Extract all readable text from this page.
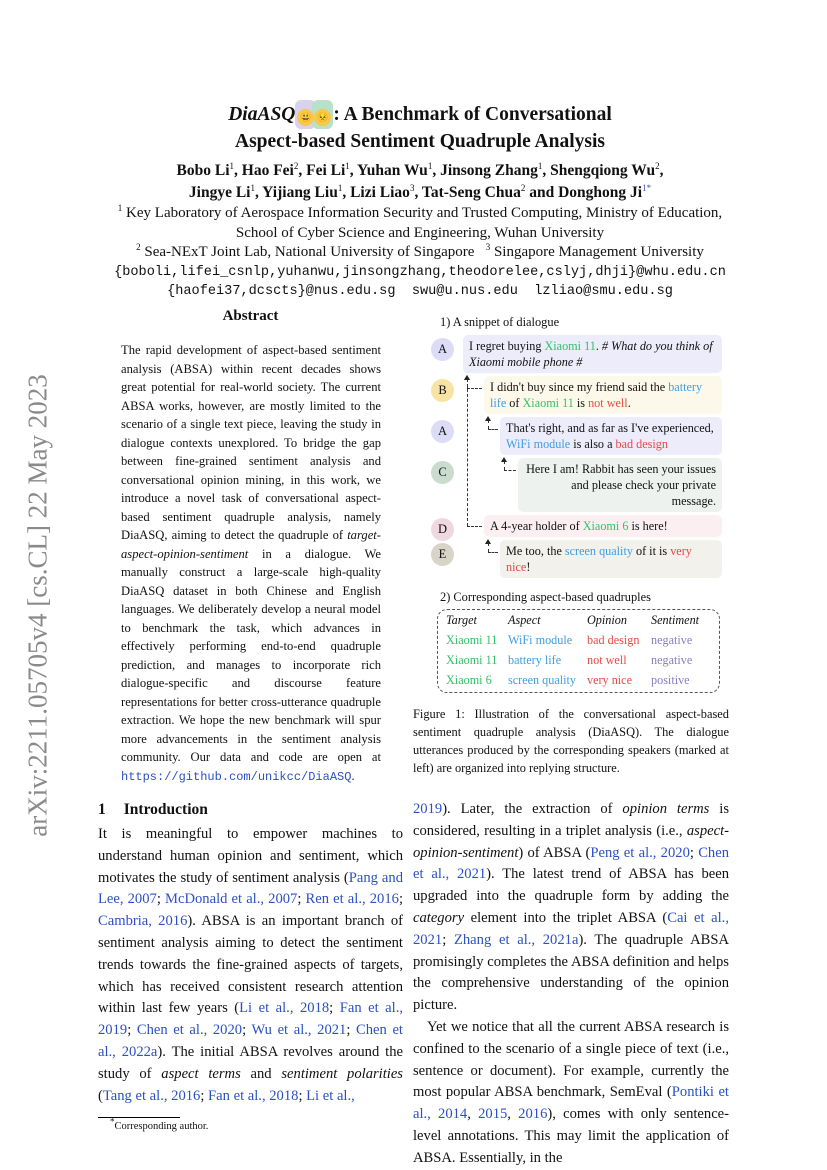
arXiv:2211.05705v4 [cs.CL] 22 May 2023
DiaASQ 😃 😣 : A Benchmark of Conversational
Aspect-based Sentiment Quadruple Analysis
Bobo Li$^1$, Hao Fei$^2$, Fei Li$^1$, Yuhan Wu$^1$, Jinsong Zhang$^1$, Shengqiong Wu$^2$,
Jingye Li$^1$, Yijiang Liu$^1$, Lizi Liao$^3$, Tat-Seng Chua$^2$ and Donghong $Ji^{1*}$
$^1$ Key Laboratory of Aerospace Information Security and Trusted Computing, Ministry of Education, School of Cyber Science and Engineering, Wuhan University
$^2$ Sea-NExT Joint Lab, National University of Singapore $^3$ Singapore Management University
{boboli,lifei_csnlp,yuhanwu,jinsongzhang,theodorelee,cslyj,dhji}@whu.edu.cn
{haofei37,dcscts}@nus.edu.sg swu@u.nus.edu lzliao@smu.edu.sg
Abstract
The rapid development of aspect-based sentiment analysis (ABSA) within recent decades shows great potential for real-world society. The current ABSA works, however, are mostly limited to the scenario of a single text piece, leaving the study in dialogue contexts unexplored. To bridge the gap between fine-grained sentiment analysis and conversational opinion mining, in this work, we introduce a novel task of conversational aspect-based sentiment quadruple analysis, namely DiaASQ, aiming to detect the quadruple of target-aspect-opinion-sentiment in a dialogue. We manually construct a large-scale high-quality DiaASQ dataset in both Chinese and English languages. We deliberately develop a neural model to benchmark the task, which advances in effectively performing end-to-end quadruple prediction, and manages to incorporate rich dialogue-specific and discourse feature representations for better cross-utterance quadruple extraction. We hope the new benchmark will spur more advancements in the sentiment analysis community. Our data and code are open at https://github.com/unikcc/DiaASQ.
1 Introduction
It is meaningful to empower machines to understand human opinion and sentiment, which motivates the study of sentiment analysis (Pang and Lee, 2007; McDonald et al., 2007; Ren et al., 2016; Cambria, 2016). ABSA is an important branch of sentiment analysis aiming to detect the sentiment trends towards the fine-grained aspects of targets, which has received consistent research attention within last few years (Li et al., 2018; Fan et al., 2019; Chen et al., 2020; Wu et al., 2021; Chen et al., 2022a). The initial ABSA revolves around the study of aspect terms and sentiment polarities (Tang et al., 2016; Fan et al., 2018; Li et al.,
*Corresponding author.
1) A snippet of dialogue
A	I regret buying Xiaomi 11. # What do you think of Xiaomi mobile phone #
B	I didn't buy since my friend said the battery life of Xiaomi 11 is not well.
A	That's right, and as far as I've experienced, WiFi module is also a bad design
C	Here I am! Rabbit has seen your issues and please check your private message.
D	A 4-year holder of Xiaomi 6 is here!
E	Me too, the screen quality of it is very nice!
2) Corresponding aspect-based quadruples
Target	Aspect	Opinion	Sentiment
Xiaomi 11	WiFi module	bad design	negative
Xiaomi 11	battery life	not well	negative
Xiaomi 6	screen quality	very nice	positive
Figure 1: Illustration of the conversational aspect-based sentiment quadruple analysis (DiaASQ). The dialogue utterances produced by the corresponding speakers (marked at left) are organized into replying structure.
2019). Later, the extraction of opinion terms is considered, resulting in a triplet analysis (i.e., aspect-opinion-sentiment) of ABSA (Peng et al., 2020; Chen et al., 2021). The latest trend of ABSA has been upgraded into the quadruple form by adding the category element into the triplet ABSA (Cai et al., 2021; Zhang et al., 2021a). The quadruple ABSA promisingly completes the ABSA definition and helps the comprehensive understanding of the opinion picture.
Yet we notice that all the current ABSA research is confined to the scenario of a single piece of text (i.e., sentence or document). For example, currently the most popular ABSA benchmark, SemEval (Pontiki et al., 2014, 2015, 2016), comes with only sentence-level annotations. This may limit the application of ABSA. Essentially, in the
